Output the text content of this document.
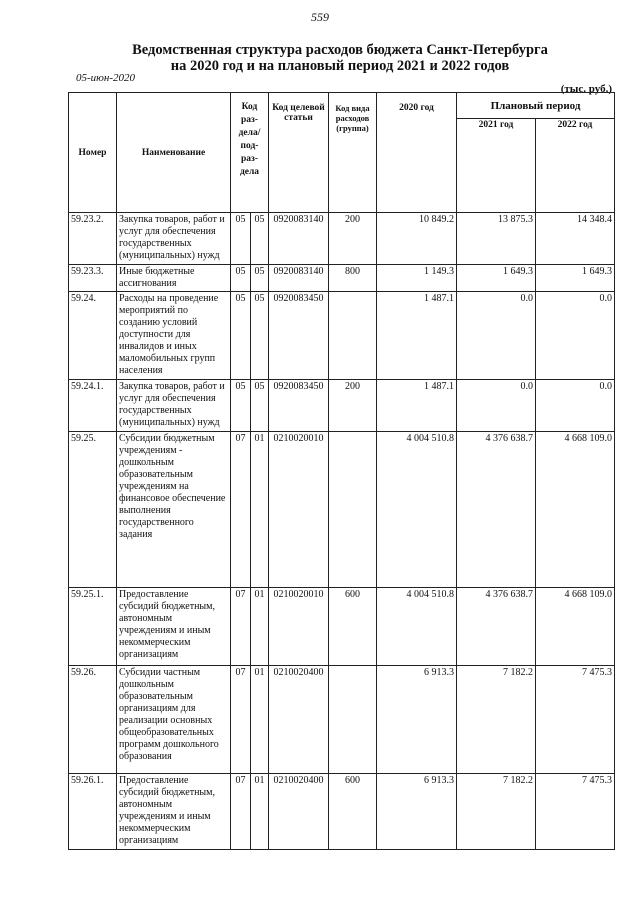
559
Ведомственная структура расходов бюджета Санкт-Петербурга
на 2020 год и на плановый период 2021 и 2022 годов
05-июн-2020
(тыс. руб.)
Номер	Наименование	Код раз- дела/ под- раз- дела		Код целевой статьи	Код вида расходов (группа)	2020 год	Плановый период	
							2021 год	2022 год
59.23.2.	Закупка товаров, работ и услуг для обеспечения государственных (муниципальных) нужд	05	05	0920083140	200	10 849.2	13 875.3	14 348.4
59.23.3.	Иные бюджетные ассигнования	05	05	0920083140	800	1 149.3	1 649.3	1 649.3
59.24.	Расходы на проведение мероприятий по созданию условий доступности для инвалидов и иных маломобильных групп населения	05	05	0920083450		1 487.1	0.0	0.0
59.24.1.	Закупка товаров, работ и услуг для обеспечения государственных (муниципальных) нужд	05	05	0920083450	200	1 487.1	0.0	0.0
59.25.	Субсидии бюджетным учреждениям - дошкольным образовательным учреждениям на финансовое обеспечение выполнения государственного задания	07	01	0210020010		4 004 510.8	4 376 638.7	4 668 109.0
59.25.1.	Предоставление субсидий бюджетным, автономным учреждениям и иным некоммерческим организациям	07	01	0210020010	600	4 004 510.8	4 376 638.7	4 668 109.0
59.26.	Субсидии частным дошкольным образовательным организациям для реализации основных общеобразовательных программ дошкольного образования	07	01	0210020400		6 913.3	7 182.2	7 475.3
59.26.1.	Предоставление субсидий бюджетным, автономным учреждениям и иным некоммерческим организациям	07	01	0210020400	600	6 913.3	7 182.2	7 475.3
